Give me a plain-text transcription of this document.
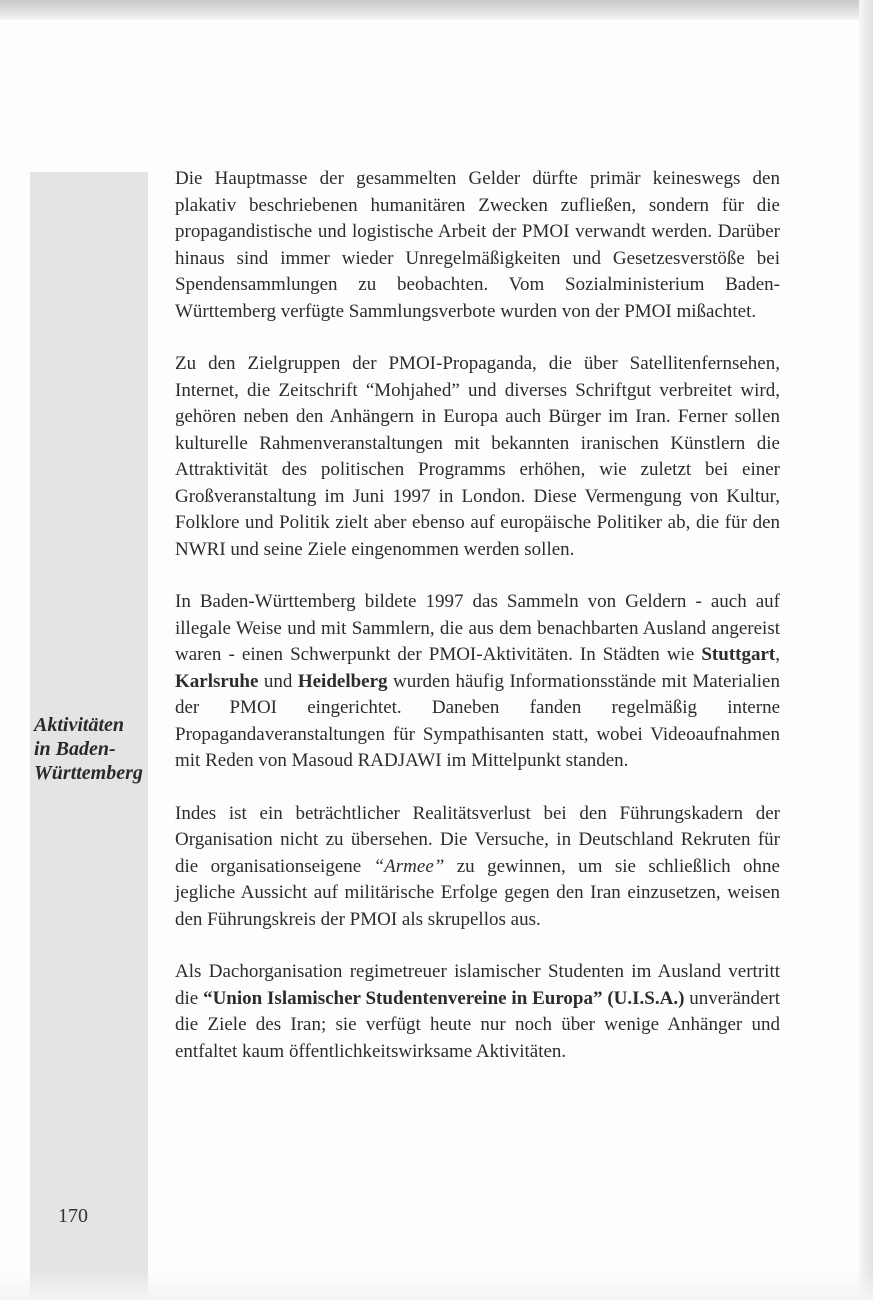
Aktivitäten
in Baden-
Württemberg

Die Hauptmasse der gesammelten Gelder dürfte primär keineswegs den plakativ beschriebenen humanitären Zwecken zufließen, sondern für die propagandistische und logistische Arbeit der PMOI verwandt werden. Darüber hinaus sind immer wieder Unregelmäßigkeiten und Gesetzesverstöße bei Spendensammlungen zu beobachten. Vom Sozialministerium Baden-Württemberg verfügte Sammlungsverbote wurden von der PMOI mißachtet.

Zu den Zielgruppen der PMOI-Propaganda, die über Satellitenfernsehen, Internet, die Zeitschrift “Mohjahed” und diverses Schriftgut verbreitet wird, gehören neben den Anhängern in Europa auch Bürger im Iran. Ferner sollen kulturelle Rahmenveranstaltungen mit bekannten iranischen Künstlern die Attraktivität des politischen Programms erhöhen, wie zuletzt bei einer Großveranstaltung im Juni 1997 in London. Diese Vermengung von Kultur, Folklore und Politik zielt aber ebenso auf europäische Politiker ab, die für den NWRI und seine Ziele eingenommen werden sollen.

In Baden-Württemberg bildete 1997 das Sammeln von Geldern - auch auf illegale Weise und mit Sammlern, die aus dem benachbarten Ausland angereist waren - einen Schwerpunkt der PMOI-Aktivitäten. In Städten wie Stuttgart, Karlsruhe und Heidelberg wurden häufig Informationsstände mit Materialien der PMOI eingerichtet. Daneben fanden regelmäßig interne Propagandaveranstaltungen für Sympathisanten statt, wobei Videoaufnahmen mit Reden von Masoud RADJAWI im Mittelpunkt standen.

Indes ist ein beträchtlicher Realitätsverlust bei den Führungskadern der Organisation nicht zu übersehen. Die Versuche, in Deutschland Rekruten für die organisationseigene “Armee” zu gewinnen, um sie schließlich ohne jegliche Aussicht auf militärische Erfolge gegen den Iran einzusetzen, weisen den Führungskreis der PMOI als skrupellos aus.

Als Dachorganisation regimetreuer islamischer Studenten im Ausland vertritt die “Union Islamischer Studentenvereine in Europa” (U.I.S.A.) unverändert die Ziele des Iran; sie verfügt heute nur noch über wenige Anhänger und entfaltet kaum öffentlichkeitswirksame Aktivitäten.

170
